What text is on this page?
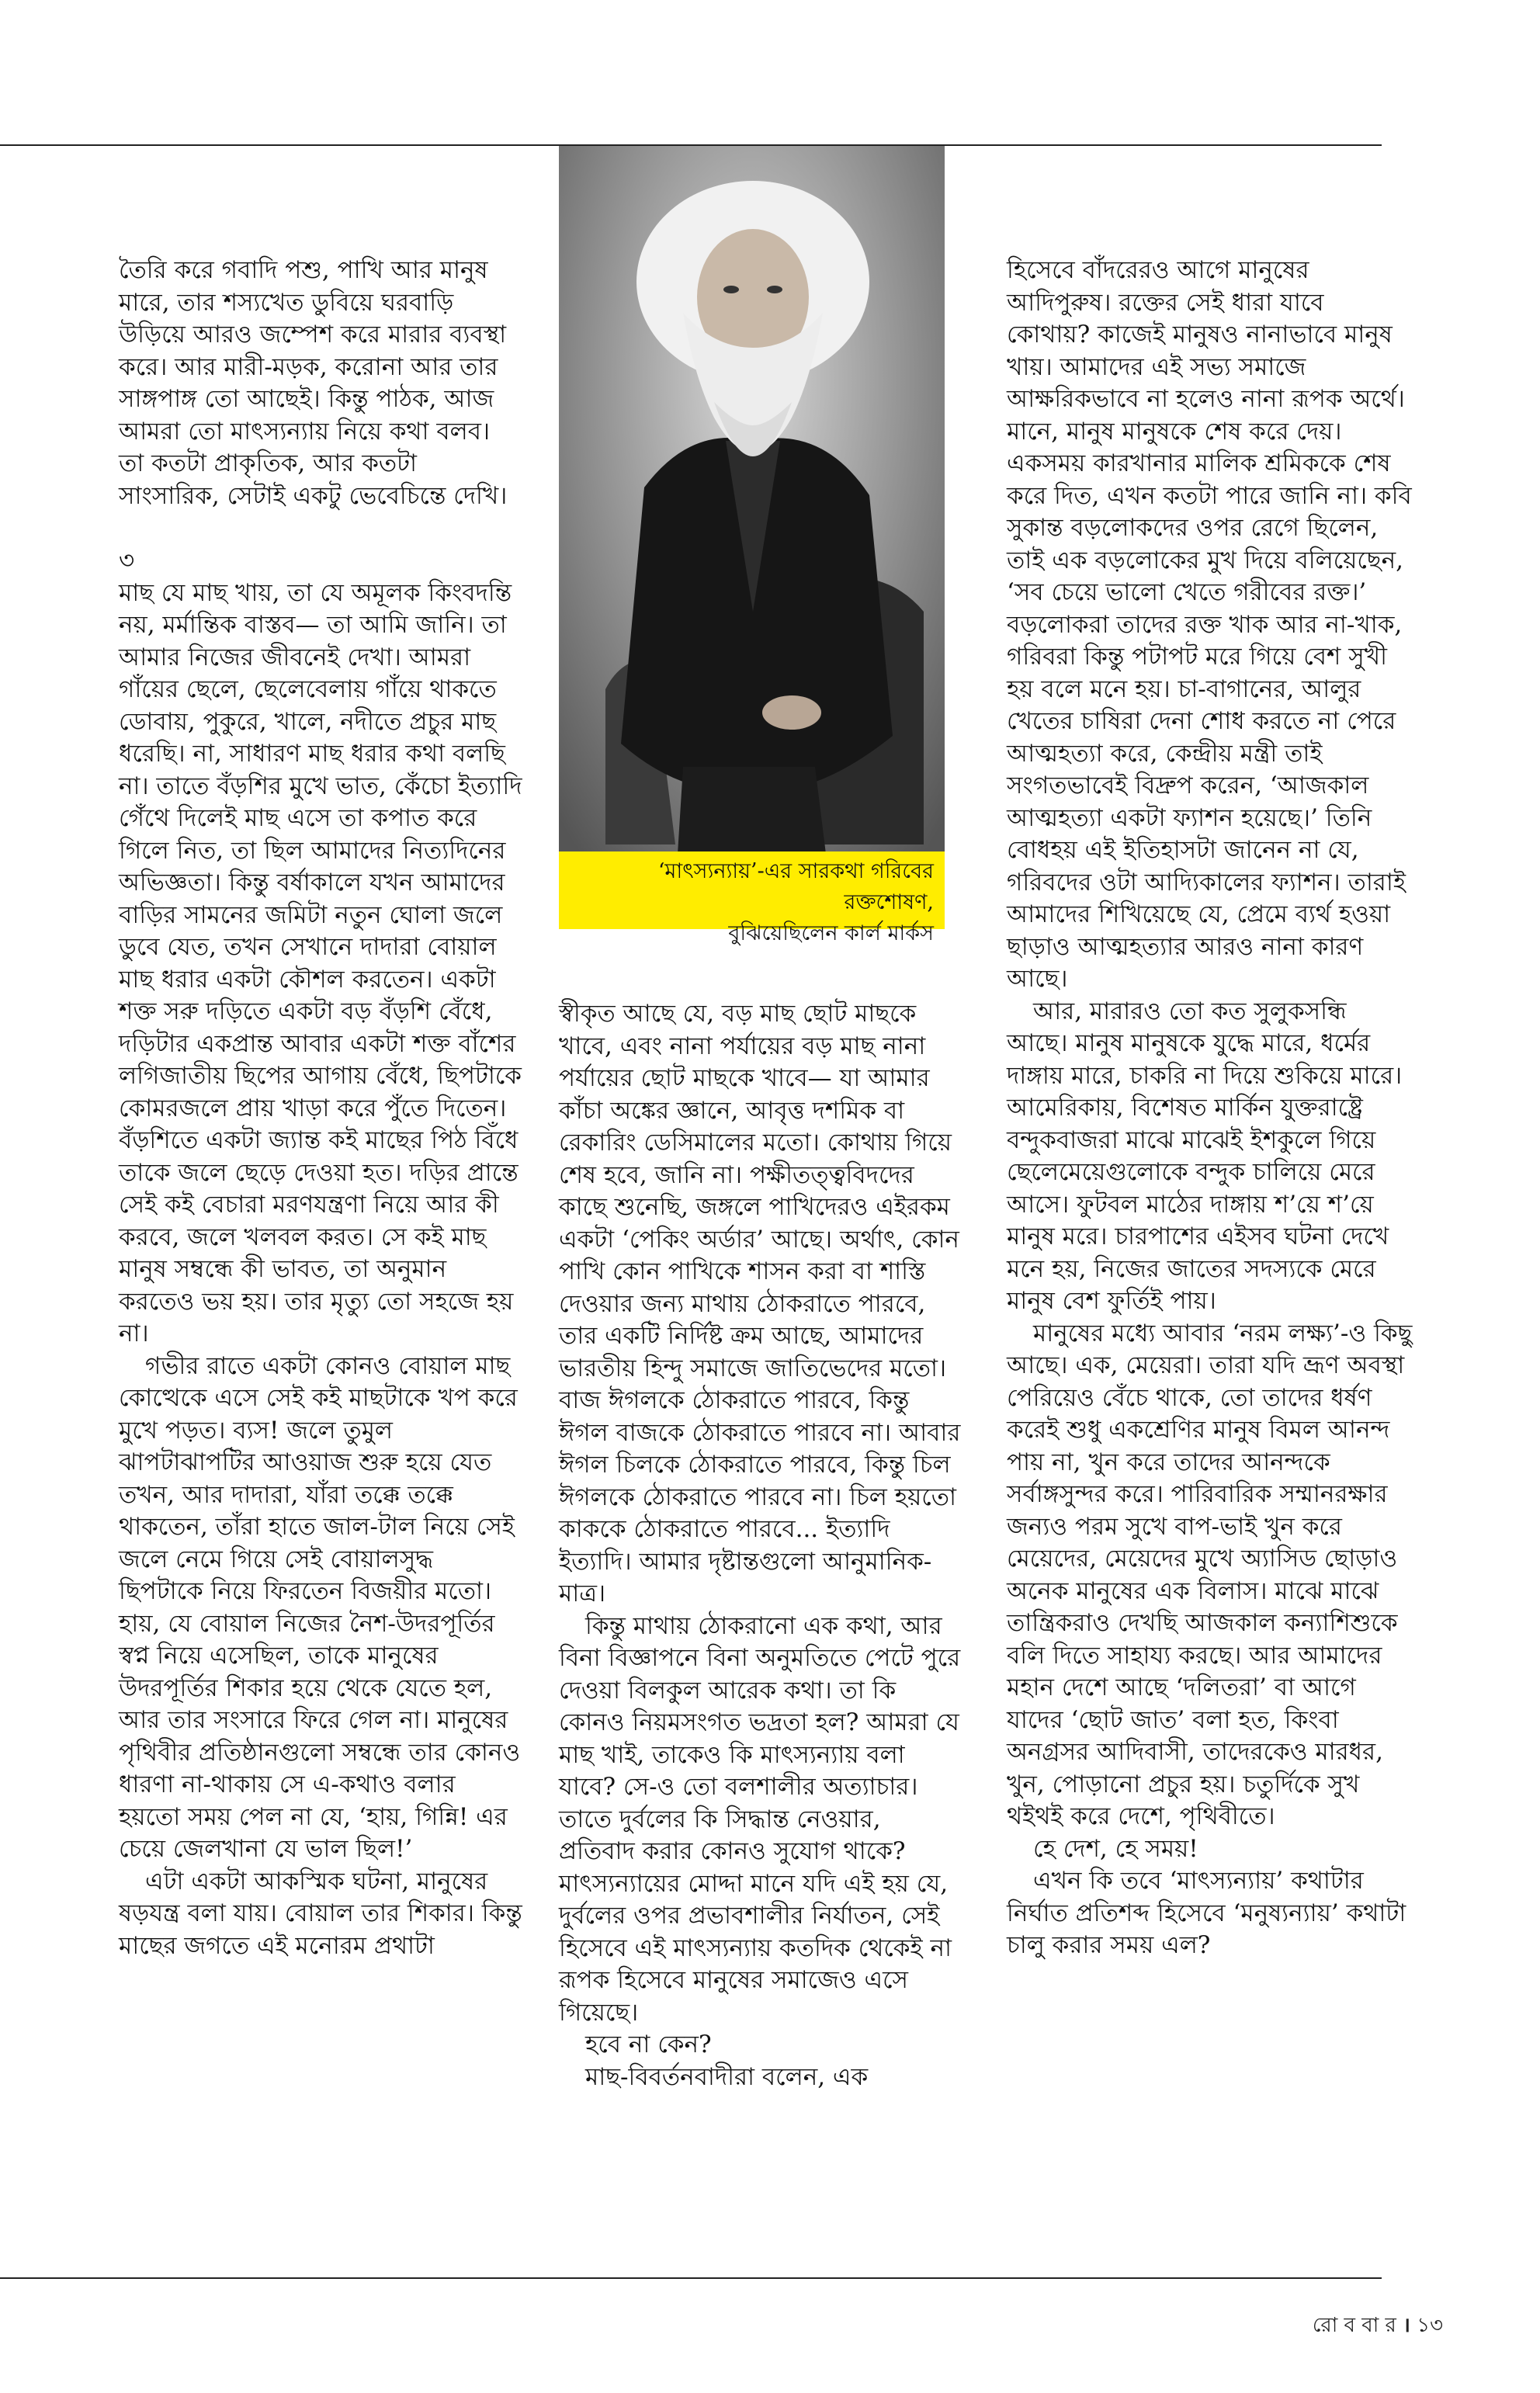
তৈরি করে গবাদি পশু, পাখি আর মানুষ মারে, তার শস্যখেত ডুবিয়ে ঘরবাড়ি উড়িয়ে আরও জম্পেশ করে মারার ব্যবস্থা করে। আর মারী-মড়ক, করোনা আর তার সাঙ্গপাঙ্গ তো আছেই। কিন্তু পাঠক, আজ আমরা তো মাৎস্যন্যায় নিয়ে কথা বলব। তা কতটা প্রাকৃতিক, আর কতটা সাংসারিক, সেটাই একটু ভেবেচিন্তে দেখি।

৩

মাছ যে মাছ খায়, তা যে অমূলক কিংবদন্তি নয়, মর্মান্তিক বাস্তব— তা আমি জানি। তা আমার নিজের জীবনেই দেখা। আমরা গাঁয়ের ছেলে, ছেলেবেলায় গাঁয়ে থাকতে ডোবায়, পুকুরে, খালে, নদীতে প্রচুর মাছ ধরেছি। না, সাধারণ মাছ ধরার কথা বলছি না। তাতে বঁড়শির মুখে ভাত, কেঁচো ইত্যাদি গেঁথে দিলেই মাছ এসে তা কপাত করে গিলে নিত, তা ছিল আমাদের নিত্যদিনের অভিজ্ঞতা। কিন্তু বর্ষাকালে যখন আমাদের বাড়ির সামনের জমিটা নতুন ঘোলা জলে ডুবে যেত, তখন সেখানে দাদারা বোয়াল মাছ ধরার একটা কৌশল করতেন। একটা শক্ত সরু দড়িতে একটা বড় বঁড়শি বেঁধে, দড়িটার একপ্রান্ত আবার একটা শক্ত বাঁশের লগিজাতীয় ছিপের আগায় বেঁধে, ছিপটাকে কোমরজলে প্রায় খাড়া করে পুঁতে দিতেন। বঁড়শিতে একটা জ্যান্ত কই মাছের পিঠ বিঁধে তাকে জলে ছেড়ে দেওয়া হত। দড়ির প্রান্তে সেই কই বেচারা মরণযন্ত্রণা নিয়ে আর কী করবে, জলে খলবল করত। সে কই মাছ মানুষ সম্বন্ধে কী ভাবত, তা অনুমান করতেও ভয় হয়। তার মৃত্যু তো সহজে হয় না।

গভীর রাতে একটা কোনও বোয়াল মাছ কোত্থেকে এসে সেই কই মাছটাকে খপ করে মুখে পড়ত। ব্যস! জলে তুমুল ঝাপটাঝাপটির আওয়াজ শুরু হয়ে যেত তখন, আর দাদারা, যাঁরা তক্কে তক্কে থাকতেন, তাঁরা হাতে জাল-টাল নিয়ে সেই জলে নেমে গিয়ে সেই বোয়ালসুদ্ধ ছিপটাকে নিয়ে ফিরতেন বিজয়ীর মতো। হায়, যে বোয়াল নিজের নৈশ-উদরপূর্তির স্বপ্ন নিয়ে এসেছিল, তাকে মানুষের উদরপূর্তির শিকার হয়ে থেকে যেতে হল, আর তার সংসারে ফিরে গেল না। মানুষের পৃথিবীর প্রতিষ্ঠানগুলো সম্বন্ধে তার কোনও ধারণা না-থাকায় সে এ-কথাও বলার হয়তো সময় পেল না যে, ‘হায়, গিন্নি! এর চেয়ে জেলখানা যে ভাল ছিল!’

এটা একটা আকস্মিক ঘটনা, মানুষের ষড়যন্ত্র বলা যায়। বোয়াল তার শিকার। কিন্তু মাছের জগতে এই মনোরম প্রথাটা

স্বীকৃত আছে যে, বড় মাছ ছোট মাছকে খাবে, এবং নানা পর্যায়ের বড় মাছ নানা পর্যায়ের ছোট মাছকে খাবে— যা আমার কাঁচা অঙ্কের জ্ঞানে, আবৃত্ত দশমিক বা রেকারিং ডেসিমালের মতো। কোথায় গিয়ে শেষ হবে, জানি না। পক্ষীতত্ত্ববিদদের কাছে শুনেছি, জঙ্গলে পাখিদেরও এইরকম একটা ‘পেকিং অর্ডার’ আছে। অর্থাৎ, কোন পাখি কোন পাখিকে শাসন করা বা শাস্তি দেওয়ার জন্য মাথায় ঠোকরাতে পারবে, তার একটি নির্দিষ্ট ক্রম আছে, আমাদের ভারতীয় হিন্দু সমাজে জাতিভেদের মতো। বাজ ঈগলকে ঠোকরাতে পারবে, কিন্তু ঈগল বাজকে ঠোকরাতে পারবে না। আবার ঈগল চিলকে ঠোকরাতে পারবে, কিন্তু চিল ঈগলকে ঠোকরাতে পারবে না। চিল হয়তো কাককে ঠোকরাতে পারবে... ইত্যাদি ইত্যাদি। আমার দৃষ্টান্তগুলো আনুমানিক-মাত্র।

কিন্তু মাথায় ঠোকরানো এক কথা, আর বিনা বিজ্ঞাপনে বিনা অনুমতিতে পেটে পুরে দেওয়া বিলকুল আরেক কথা। তা কি কোনও নিয়মসংগত ভদ্রতা হল? আমরা যে মাছ খাই, তাকেও কি মাৎস্যন্যায় বলা যাবে? সে-ও তো বলশালীর অত্যাচার। তাতে দুর্বলের কি সিদ্ধান্ত নেওয়ার, প্রতিবাদ করার কোনও সুযোগ থাকে? মাৎস্যন্যায়ের মোদ্দা মানে যদি এই হয় যে, দুর্বলের ওপর প্রভাবশালীর নির্যাতন, সেই হিসেবে এই মাৎস্যন্যায় কতদিক থেকেই না রূপক হিসেবে মানুষের সমাজেও এসে গিয়েছে।

হবে না কেন?

মাছ-বিবর্তনবাদীরা বলেন, এক

হিসেবে বাঁদরেরও আগে মানুষের আদিপুরুষ। রক্তের সেই ধারা যাবে কোথায়? কাজেই মানুষও নানাভাবে মানুষ খায়। আমাদের এই সভ্য সমাজে আক্ষরিকভাবে না হলেও নানা রূপক অর্থে। মানে, মানুষ মানুষকে শেষ করে দেয়। একসময় কারখানার মালিক শ্রমিককে শেষ করে দিত, এখন কতটা পারে জানি না। কবি সুকান্ত বড়লোকদের ওপর রেগে ছিলেন, তাই এক বড়লোকের মুখ দিয়ে বলিয়েছেন, ‘সব চেয়ে ভালো খেতে গরীবের রক্ত।’ বড়লোকরা তাদের রক্ত খাক আর না-খাক, গরিবরা কিন্তু পটাপট মরে গিয়ে বেশ সুখী হয় বলে মনে হয়। চা-বাগানের, আলুর খেতের চাষিরা দেনা শোধ করতে না পেরে আত্মহত্যা করে, কেন্দ্রীয় মন্ত্রী তাই সংগতভাবেই বিদ্রুপ করেন, ‘আজকাল আত্মহত্যা একটা ফ্যাশন হয়েছে।’ তিনি বোধহয় এই ইতিহাসটা জানেন না যে, গরিবদের ওটা আদ্যিকালের ফ্যাশন। তারাই আমাদের শিখিয়েছে যে, প্রেমে ব্যর্থ হওয়া ছাড়াও আত্মহত্যার আরও নানা কারণ আছে।

আর, মারারও তো কত সুলুকসন্ধি আছে। মানুষ মানুষকে যুদ্ধে মারে, ধর্মের দাঙ্গায় মারে, চাকরি না দিয়ে শুকিয়ে মারে। আমেরিকায়, বিশেষত মার্কিন যুক্তরাষ্ট্রে বন্দুকবাজরা মাঝে মাঝেই ইশকুলে গিয়ে ছেলেমেয়েগুলোকে বন্দুক চালিয়ে মেরে আসে। ফুটবল মাঠের দাঙ্গায় শ’য়ে শ’য়ে মানুষ মরে। চারপাশের এইসব ঘটনা দেখে মনে হয়, নিজের জাতের সদস্যকে মেরে মানুষ বেশ ফুর্তিই পায়।

মানুষের মধ্যে আবার ‘নরম লক্ষ্য’-ও কিছু আছে। এক, মেয়েরা। তারা যদি ভ্রূণ অবস্থা পেরিয়েও বেঁচে থাকে, তো তাদের ধর্ষণ করেই শুধু একশ্রেণির মানুষ বিমল আনন্দ পায় না, খুন করে তাদের আনন্দকে সর্বাঙ্গসুন্দর করে। পারিবারিক সম্মানরক্ষার জন্যও পরম সুখে বাপ-ভাই খুন করে মেয়েদের, মেয়েদের মুখে অ্যাসিড ছোড়াও অনেক মানুষের এক বিলাস। মাঝে মাঝে তান্ত্রিকরাও দেখছি আজকাল কন্যাশিশুকে বলি দিতে সাহায্য করছে। আর আমাদের মহান দেশে আছে ‘দলিতরা’ বা আগে যাদের ‘ছোট জাত’ বলা হত, কিংবা অনগ্রসর আদিবাসী, তাদেরকেও মারধর, খুন, পোড়ানো প্রচুর হয়। চতুর্দিকে সুখ থইথই করে দেশে, পৃথিবীতে।

হে দেশ, হে সময়!

এখন কি তবে ‘মাৎস্যন্যায়’ কথাটার নির্ঘাত প্রতিশব্দ হিসেবে ‘মনুষ্যন্যায়’ কথাটা চালু করার সময় এল?

‘মাৎস্যন্যায়’-এর সারকথা গরিবের রক্তশোষণ,
বুঝিয়েছিলেন কার্ল মার্কস
রো ব বা র । ১৩
